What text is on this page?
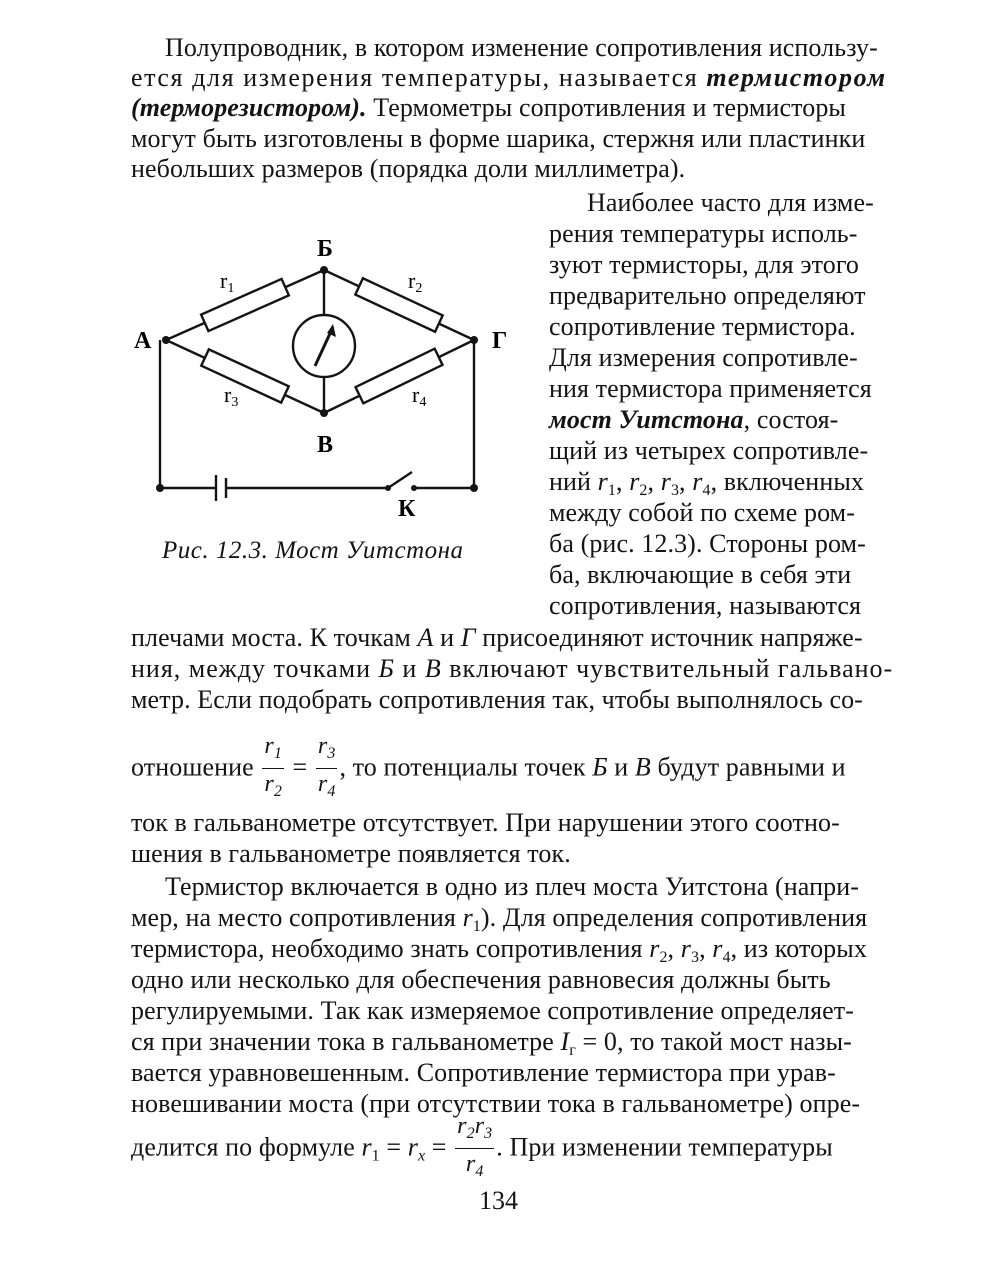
Полупроводник, в котором изменение сопротивления использу-
ется для измерения температуры, называется термистором
(терморезистором). Термометры сопротивления и термисторы
могут быть изготовлены в форме шарика, стержня или пластинки
небольших размеров (порядка доли миллиметра).
Наиболее часто для изме-
рения температуры исполь-
зуют термисторы, для этого
предварительно определяют
сопротивление термистора.
Для измерения сопротивле-
ния термистора применяется
мост Уитстона, состоя-
щий из четырех сопротивле-
ний $r_1$, $r_2$, $r_3$, $r_4$, включенных
между собой по схеме ром-
ба (рис. 12.3). Стороны ром-
ба, включающие в себя эти
сопротивления, называются
А
Б
Г
В
К
r1	r2
r3	r4
Рис. 12.3. Мост Уитстона
плечами моста. К точкам А и Г присоединяют источник напряже-
ния, между точками Б и В включают чувствительный гальвано-
метр. Если подобрать сопротивления так, чтобы выполнялось со-
отношение $\frac{r_1}{r_2} = \frac{r_3}{r_4}$ , то потенциалы точек Б и В будут равными и
ток в гальванометре отсутствует. При нарушении этого соотно-
шения в гальванометре появляется ток.
Термистор включается в одно из плеч моста Уитстона (напри-
мер, на место сопротивления $r_1$). Для определения сопротивления
термистора, необходимо знать сопротивления $r_2$, $r_3$, $r_4$, из которых
одно или несколько для обеспечения равновесия должны быть
регулируемыми. Так как измеряемое сопротивление определяет-
ся при значении тока в гальванометре $I_г = 0$, то такой мост назы-
вается уравновешенным. Сопротивление термистора при урав-
новешивании моста (при отсутствии тока в гальванометре) опре-
делится по формуле $r_1 = r_x = \frac{r_2r_3}{r_4}$ . При изменении температуры
134
